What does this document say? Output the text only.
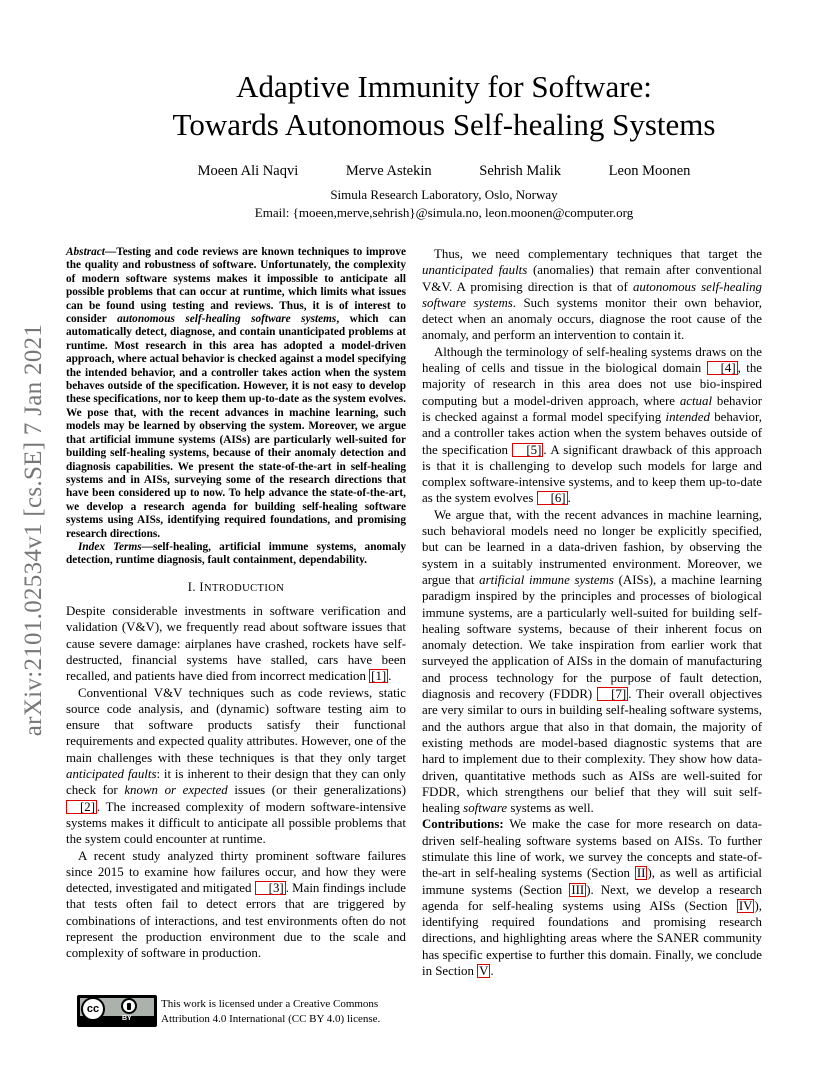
arXiv:2101.02534v1 [cs.SE] 7 Jan 2021
Adaptive Immunity for Software:
Towards Autonomous Self-healing Systems
Moeen Ali Naqvi	Merve Astekin	Sehrish Malik	Leon Moonen
Simula Research Laboratory, Oslo, Norway
Email: {moeen,merve,sehrish}@simula.no, leon.moonen@computer.org
Abstract—Testing and code reviews are known techniques to improve the quality and robustness of software. Unfortunately, the complexity of modern software systems makes it impossible to anticipate all possible problems that can occur at runtime, which limits what issues can be found using testing and reviews. Thus, it is of interest to consider autonomous self-healing software systems, which can automatically detect, diagnose, and contain unanticipated problems at runtime. Most research in this area has adopted a model-driven approach, where actual behavior is checked against a model specifying the intended behavior, and a controller takes action when the system behaves outside of the specification. However, it is not easy to develop these specifications, nor to keep them up-to-date as the system evolves. We pose that, with the recent advances in machine learning, such models may be learned by observing the system. Moreover, we argue that artificial immune systems (AISs) are particularly well-suited for building self-healing systems, because of their anomaly detection and diagnosis capabilities. We present the state-of-the-art in self-healing systems and in AISs, surveying some of the research directions that have been considered up to now. To help advance the state-of-the-art, we develop a research agenda for building self-healing software systems using AISs, identifying required foundations, and promising research directions.
Index Terms—self-healing, artificial immune systems, anomaly detection, runtime diagnosis, fault containment, dependability.
I. INTRODUCTION

Despite considerable investments in software verification and validation (V&V), we frequently read about software issues that cause severe damage: airplanes have crashed, rockets have self-destructed, financial systems have stalled, cars have been recalled, and patients have died from incorrect medication [1] .

Conventional V&V techniques such as code reviews, static source code analysis, and (dynamic) software testing aim to ensure that software products satisfy their functional requirements and expected quality attributes. However, one of the main challenges with these techniques is that they only target anticipated faults: it is inherent to their design that they can only check for known or expected issues (or their generalizations) [2] . The increased complexity of modern software-intensive systems makes it difficult to anticipate all possible problems that the system could encounter at runtime.

A recent study analyzed thirty prominent software failures since 2015 to examine how failures occur, and how they were detected, investigated and mitigated [3] . Main findings include that tests often fail to detect errors that are triggered by combinations of interactions, and test environments often do not represent the production environment due to the scale and complexity of software in production.

Thus, we need complementary techniques that target the unanticipated faults (anomalies) that remain after conventional V&V. A promising direction is that of autonomous self-healing software systems. Such systems monitor their own behavior, detect when an anomaly occurs, diagnose the root cause of the anomaly, and perform an intervention to contain it.

Although the terminology of self-healing systems draws on the healing of cells and tissue in the biological domain [4] , the majority of research in this area does not use bio-inspired computing but a model-driven approach, where actual behavior is checked against a formal model specifying intended behavior, and a controller takes action when the system behaves outside of the specification [5] . A significant drawback of this approach is that it is challenging to develop such models for large and complex software-intensive systems, and to keep them up-to-date as the system evolves [6] .

We argue that, with the recent advances in machine learning, such behavioral models need no longer be explicitly specified, but can be learned in a data-driven fashion, by observing the system in a suitably instrumented environment. Moreover, we argue that artificial immune systems (AISs), a machine learning paradigm inspired by the principles and processes of biological immune systems, are a particularly well-suited for building self-healing software systems, because of their inherent focus on anomaly detection. We take inspiration from earlier work that surveyed the application of AISs in the domain of manufacturing and process technology for the purpose of fault detection, diagnosis and recovery (FDDR) [7] . Their overall objectives are very similar to ours in building self-healing software systems, and the authors argue that also in that domain, the majority of existing methods are model-based diagnostic systems that are hard to implement due to their complexity. They show how data-driven, quantitative methods such as AISs are well-suited for FDDR, which strengthens our belief that they will suit self-healing software systems as well.

Contributions: We make the case for more research on data-driven self-healing software systems based on AISs. To further stimulate this line of work, we survey the concepts and state-of-the-art in self-healing systems (Section II ), as well as artificial immune systems (Section III ). Next, we develop a research agenda for self-healing systems using AISs (Section IV ), identifying required foundations and promising research directions, and highlighting areas where the SANER community has specific expertise to further this domain. Finally, we conclude in Section V .

cc
BY
This work is licensed under a Creative Commons
Attribution 4.0 International (CC BY 4.0) license.
